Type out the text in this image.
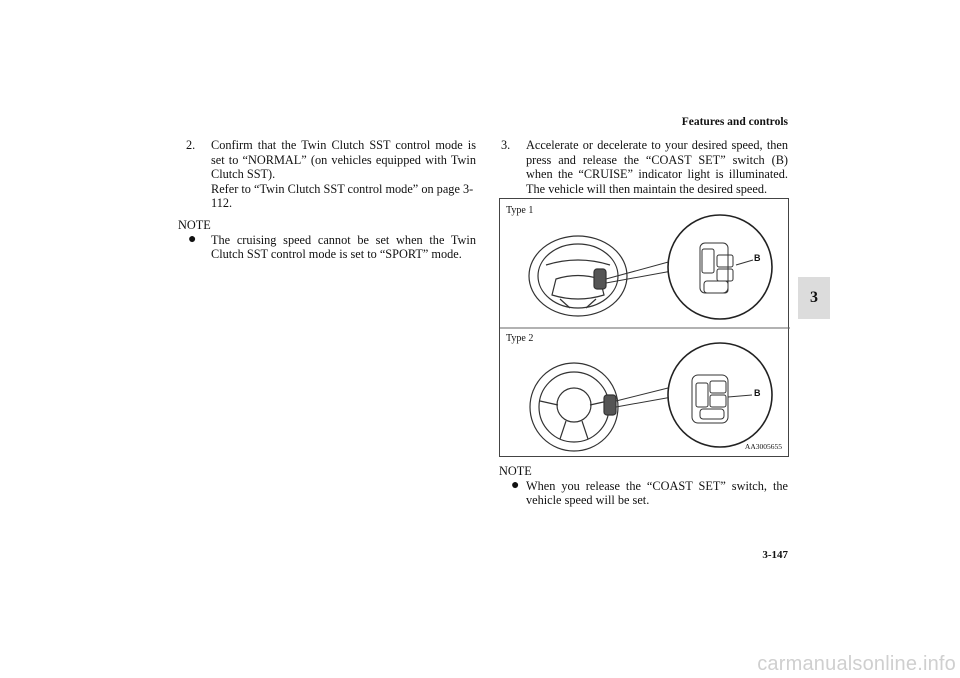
Features and controls
3
2.	Confirm that the Twin Clutch SST control mode is set to “NORMAL” (on vehicles equipped with Twin Clutch SST).
Refer to “Twin Clutch SST control mode” on page 3-112.
NOTE
●	The cruising speed cannot be set when the Twin Clutch SST control mode is set to “SPORT” mode.
3.	Accelerate or decelerate to your desired speed, then press and release the “COAST SET” switch (B) when the “CRUISE” indicator light is illuminated. The vehicle will then maintain the desired speed.
Type 1
Type 2
B
B
AA3005655
NOTE
● When you release the “COAST SET” switch, the vehicle speed will be set.
3-147
carmanualsonline.info
